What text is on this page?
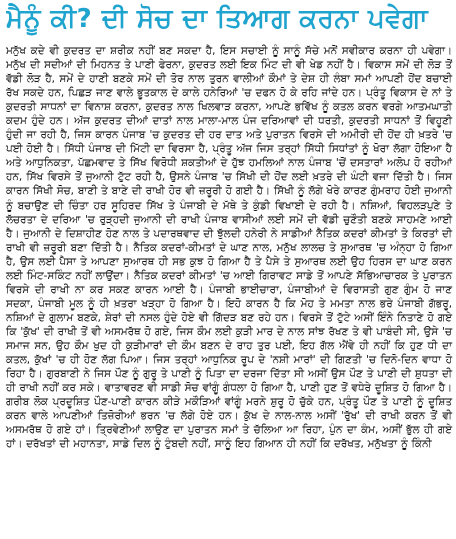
ਮੈਨੂੰ ਕੀ? ਦੀ ਸੋਚ ਦਾ ਤਿਆਗ ਕਰਨਾ ਪਵੇਗਾ

ਮਨੁੱਖ ਕਦੇ ਵੀ ਕੁਦਰਤ ਦਾ ਸ਼ਰੀਕ ਨਹੀਂ ਬਣ ਸਕਦਾ ਹੈ, ਇਸ ਸਚਾਈ ਨੂੰ ਸਾਨੂੰ ਸੱਚੇ ਮਨੋਂ ਸਵੀਕਾਰ ਕਰਨਾ ਹੀ ਪਵੇਗਾ। ਮਨੁੱਖ ਦੀ ਸਦੀਆਂ ਦੀ ਮਿਹਨਤ ਤੇ ਪਾਣੀ ਫੇਰਨਾ, ਕੁਦਰਤ ਲਈ ਇਕ ਮਿੰਟ ਦੀ ਵੀ ਖੇਡ ਨਹੀਂ ਹੈ। ਵਿਕਾਸ ਸਮੇਂ ਦੀ ਲੋੜ ਤੋਂ ਵੱਡੀ ਲੋੜ ਹੈ, ਸਮੇਂ ਦੇ ਹਾਣੀ ਬਣਕੇ ਸਮੇਂ ਦੀ ਤੋਰ ਨਾਲ ਤੁਰਨ ਵਾਲੀਆਂ ਕੌਮਾਂ ਤੇ ਦੇਸ਼ ਹੀ ਲੰਬਾ ਸਮਾਂ ਆਪਣੀ ਹੋਂਦ ਬਚਾਈ ਰੱਖ ਸਕਦੇ ਹਨ, ਪਿਛੜ ਜਾਣ ਵਾਲੇ ਭੂਤਕਾਲ ਦੇ ਕਾਲੇ ਹਨੇਰਿਆਂ 'ਚ ਦਫਨ ਹੋ ਕੇ ਰਹਿ ਜਾਂਦੇ ਹਨ। ਪ੍ਰੰਤੂ ਵਿਕਾਸ ਦੇ ਨਾਂ ਤੇ ਕੁਦਰਤੀ ਸਾਧਨਾਂ ਦਾ ਵਿਨਾਸ਼ ਕਰਨਾ, ਕੁਦਰਤ ਨਾਲ ਖਿਲਵਾੜ ਕਰਨਾ, ਆਪਣੇ ਭਵਿੱਖ ਨੂੰ ਕਤਲ ਕਰਨ ਵਰਗੇ ਆਤਮਘਾਤੀ ਕਦਮ ਹੁੰਦੇ ਹਨ। ਅੱਜ ਕੁਦਰਤ ਦੀਆਂ ਦਾਤਾਂ ਨਾਲ ਮਾਲਾ-ਮਾਲ ਪੰਜ ਦਰਿਆਵਾਂ ਦੀ ਧਰਤੀ, ਕੁਦਰਤੀ ਸਾਧਨਾਂ ਤੋਂ ਵਿਹੂਣੀ ਹੁੰਦੀ ਜਾ ਰਹੀ ਹੈ, ਜਿਸ ਕਾਰਨ ਪੰਜਾਬ 'ਚ ਕੁਦਰਤ ਦੀ ਹਰ ਦਾਤ ਅਤੇ ਪੁਰਾਤਨ ਵਿਰਸੇ ਦੀ ਅਮੀਰੀ ਦੀ ਹੋਂਦ ਹੀ ਖ਼ਤਰੇ 'ਚ ਪਈ ਹੋਈ ਹੈ। ਸਿੱਧੀ ਪੰਜਾਬ ਦੀ ਮਿੱਟੀ ਦਾ ਵਿਰਸਾ ਹੈ, ਪ੍ਰੰਤੂ ਅੱਜ ਜਿਸ ਤਰ੍ਹਾਂ ਸਿੱਧੀ ਸਿਧਾਂਤਾਂ ਨੂੰ ਖੋਰਾ ਲੱਗਾ ਹੋਇਆ ਹੈ ਅਤੇ ਆਧੁਨਿਕਤਾ, ਪੱਛਮਵਾਦ ਤੇ ਸਿੱਖ ਵਿਰੋਧੀ ਸ਼ਕਤੀਆਂ ਦੇ ਹੁੱਝ ਹਮਲਿਆਂ ਨਾਲ ਪੰਜਾਬ 'ਚੋਂ ਦਸਤਾਰਾਂ ਅਲੋਪ ਹੋ ਰਹੀਆਂ ਹਨ, ਸਿੱਖ ਵਿਰਸੇ ਤੋਂ ਜੁਆਨੀ ਟੁੱਟ ਰਹੀ ਹੈ, ਉਸਨੇ ਪੰਜਾਬ 'ਚ ਸਿੱਖੀ ਦੀ ਹੋਂਦ ਲਈ ਖ਼ਤਰੇ ਦੀ ਘੰਟੀ ਵਜਾ ਦਿੱਤੀ ਹੈ। ਜਿਸ ਕਾਰਨ ਸਿੱਖੀ ਸੋਚ, ਬਾਣੀ ਤੇ ਬਾਣੇ ਦੀ ਰਾਖੀ ਹੋਰ ਵੀ ਜ਼ਰੂਰੀ ਹੋ ਗਈ ਹੈ। ਸਿੱਖੀ ਨੂੰ ਲੱਗੇ ਖੋਰੇ ਕਾਰਣ ਗੁੰਮਰਾਹ ਹੋਈ ਜੁਆਨੀ ਨੂੰ ਬਚਾਉਣ ਦੀ ਚਿੰਤਾ ਹਰ ਸੂਹਿਰਦ ਸਿੱਖ ਤੇ ਪੰਜਾਬੀ ਦੇ ਮੱਥੇ ਤੇ ਕੁੰਡੀ ਵਿਖਾਈ ਦੇ ਰਹੀ ਹੈ। ਨਸ਼ਿਆਂ, ਵਿਹਲੜਪੁਣੇ ਤੇ ਲੱਚਰਤਾ ਦੇ ਦਰਿਆ 'ਚ ਰੁੜ੍ਹਦੀ ਜੁਆਨੀ ਦੀ ਰਾਖੀ ਪੰਜਾਬ ਵਾਸੀਆਂ ਲਈ ਸਮੇਂ ਦੀ ਵੱਡੀ ਚੁਣੌਤੀ ਬਣਕੇ ਸਾਹਮਣੇ ਆਈ ਹੈ। ਜੁਆਨੀ ਦੇ ਦਿਸ਼ਾਹੀਣ ਹੋਣ ਨਾਲ ਤੇ ਪਦਾਰਥਵਾਦ ਦੀ ਝੁੱਲਦੀ ਹਨੇਰੀ ਨੇ ਸਾਡੀਆਂ ਨੈਤਿਕ ਕਦਰਾਂ ਕੀਮਤਾਂ ਤੇ ਕਿਰਤਾਂ ਦੀ ਰਾਖੀ ਵੀ ਜ਼ਰੂਰੀ ਬਣਾ ਦਿੱਤੀ ਹੈ। ਨੈਤਿਕ ਕਦਰਾਂ-ਕੀਮਤਾਂ ਦੇ ਘਾਣ ਨਾਲ, ਮਨੁੱਖ ਲਾਲਚ ਤੇ ਸੁਆਰਥ 'ਚ ਅੰਨ੍ਹਾ ਹੋ ਗਿਆ ਹੈ, ਉਸ ਲਈ ਪੈਸਾ ਤੇ ਆਪਣਾ ਸੁਆਰਥ ਹੀ ਸਭ ਕੁਝ ਹੋ ਗਿਆ ਹੈ ਤੇ ਪੈਸੇ ਤੇ ਸੁਆਰਥ ਲਈ ਉਹ ਹਿਰਸ ਦਾ ਘਾਣ ਕਰਨ ਲਈ ਮਿੰਟ-ਸਕਿੰਟ ਨਹੀਂ ਲਾਉਂਦਾ। ਨੈਤਿਕ ਕਦਰਾਂ ਕੀਮਤਾਂ 'ਚ ਆਈ ਗਿਰਾਵਟ ਸਾਡੇ ਤੋਂ ਆਪਣੇ ਸੱਭਿਆਚਾਰਕ ਤੇ ਪੁਰਾਤਨ ਵਿਰਸੇ ਦੀ ਰਾਖੀ ਨਾ ਕਰ ਸਕਣ ਕਾਰਨ ਆਈ ਹੈ। ਪੰਜਾਬੀ ਭਾਈਚਾਰਾ, ਪੰਜਾਬੀਆਂ ਦੇ ਵਿਰਾਸਤੀ ਗੁਣ ਗੁੰਮ ਹੋ ਜਾਣ ਸਦਕਾ, ਪੰਜਾਬੀ ਮੂਲ ਨੂੰ ਹੀ ਖ਼ਤਰਾ ਖੜ੍ਹਾ ਹੋ ਗਿਆ ਹੈ। ਇਹੋ ਕਾਰਨ ਹੈ ਕਿ ਮੋਹ ਤੇ ਮਮਤਾ ਨਾਲ ਭਰੇ ਪੰਜਾਬੀ ਗੱਭਰੂ, ਨਸ਼ਿਆਂ ਦੇ ਗੁਲਾਮ ਬਣਕੇ, ਸ਼ੇਰਾਂ ਦੀ ਨਸਲ ਹੁੰਦੇ ਹੋਏ ਵੀ ਗਿੱਦੜ ਬਣ ਰਹੇ ਹਨ। ਵਿਰਸੇ ਤੋਂ ਟੁੱਟੇ ਅਸੀਂ ਇੰਨੇ ਨਿਤਾਣੇ ਹੋ ਗਏ ਕਿ 'ਕੁੱਖ' ਦੀ ਰਾਖੀ ਤੋਂ ਵੀ ਅਸਮਰੱਥ ਹੋ ਗਏ, ਜਿਸ ਕੌਮ ਲਈ ਕੁੜੀ ਮਾਰ ਦੇ ਨਾਲ ਸਾਂਝ ਰੱਖਣ ਤੇ ਵੀ ਪਾਬੰਦੀ ਸੀ, ਉਸੇ 'ਚ ਸਮਾਜ ਸਨ, ਉਹ ਕੌਮ ਖੁਦ ਹੀ ਕੁੜੀਮਾਰਾਂ ਦੀ ਕੌਮ ਬਣਨ ਦੇ ਰਾਹ ਤੁਰ ਪਈ, ਇਹ ਗੱਲ ਐਂਵੇ ਹੀ ਨਹੀਂ ਕਿ ਹੁਣ ਧੀ ਦਾ ਕਤਲ, ਕੁੱਖਾਂ 'ਚ ਹੀ ਹੋਣ ਲੱਗ ਪਿਆ। ਜਿਸ ਤਰ੍ਹਾਂ ਆਧੁਨਿਕ ਰੂਪ ਦੇ 'ਨਸ਼ੀ ਮਾਰਾਂ' ਦੀ ਗਿਣਤੀ 'ਚ ਦਿਨੋ-ਦਿਨ ਵਾਧਾ ਹੋ ਰਿਹਾ ਹੈ। ਗੁਰਬਾਣੀ ਨੇ ਜਿਸ ਪੌਣ ਨੂੰ ਗੁਰੂ ਤੇ ਪਾਣੀ ਨੂੰ ਪਿਤਾ ਦਾ ਦਰਜਾ ਦਿੱਤਾ ਸੀ ਅਸੀਂ ਉਸ ਪੌਣ ਤੇ ਪਾਣੀ ਦੀ ਸ਼ੁਧਤਾ ਦੀ ਹੀ ਰਾਖੀ ਨਹੀਂ ਕਰ ਸਕੇ। ਵਾਤਾਵਰਣ ਵੀ ਸਾਡੀ ਸੋਚ ਵਾਂਗੂੰ ਗੰਧਲਾ ਹੋ ਗਿਆ ਹੈ, ਪਾਣੀ ਹੁਣ ਤੋਂ ਵਧੇਰੇ ਦੂਸ਼ਿਤ ਹੋ ਗਿਆ ਹੈ। ਗਰੀਬ ਲੋਕ ਪ੍ਰਦੂਸ਼ਿਤ ਪੌਣ-ਪਾਣੀ ਕਾਰਨ ਕੀੜੇ ਮਕੌੜਿਆਂ ਵਾਂਗੂੰ ਮਰਨੇ ਸ਼ੁਰੂ ਹੋ ਚੁੱਕੇ ਹਨ, ਪ੍ਰੰਤੂ ਪੌਣ ਤੇ ਪਾਣੀ ਨੂੰ ਦੂਸ਼ਿਤ ਕਰਨ ਵਾਲੇ ਆਪਣੀਆਂ ਤਿਜ਼ੋਰੀਆਂ ਭਰਨ 'ਚ ਲੱਗੇ ਹੋਏ ਹਨ। ਕੁੱਖ ਦੇ ਨਾਲ-ਨਾਲ ਅਸੀਂ 'ਰੁੱਖ' ਦੀ ਰਾਖੀ ਕਰਨ ਤੋਂ ਵੀ ਅਸਮਰੱਥ ਹੋ ਗਏ ਹਾਂ। ਤ੍ਰਿਵੇਣੀਆਂ ਲਾਉਣ ਦਾ ਪੁਰਾਤਨ ਸਮਾਂ ਤੇ ਚੱਲਿਆ ਆ ਰਿਹਾ, ਪੁੰਨ ਦਾ ਕੰਮ, ਅਸੀਂ ਭੁੱਲ ਹੀ ਗਏ ਹਾਂ। ਦਰੱਖਤਾਂ ਦੀ ਮਹਾਨਤਾ, ਸਾਡੇ ਦਿਲ ਨੂੰ ਟੁੰਬਦੀ ਨਹੀਂ, ਸਾਨੂੰ ਇਹ ਗਿਆਨ ਹੀ ਨਹੀਂ ਕਿ ਦਰੱਖਤ, ਮਨੁੱਖਤਾ ਨੂੰ ਕਿੰਨੀ
